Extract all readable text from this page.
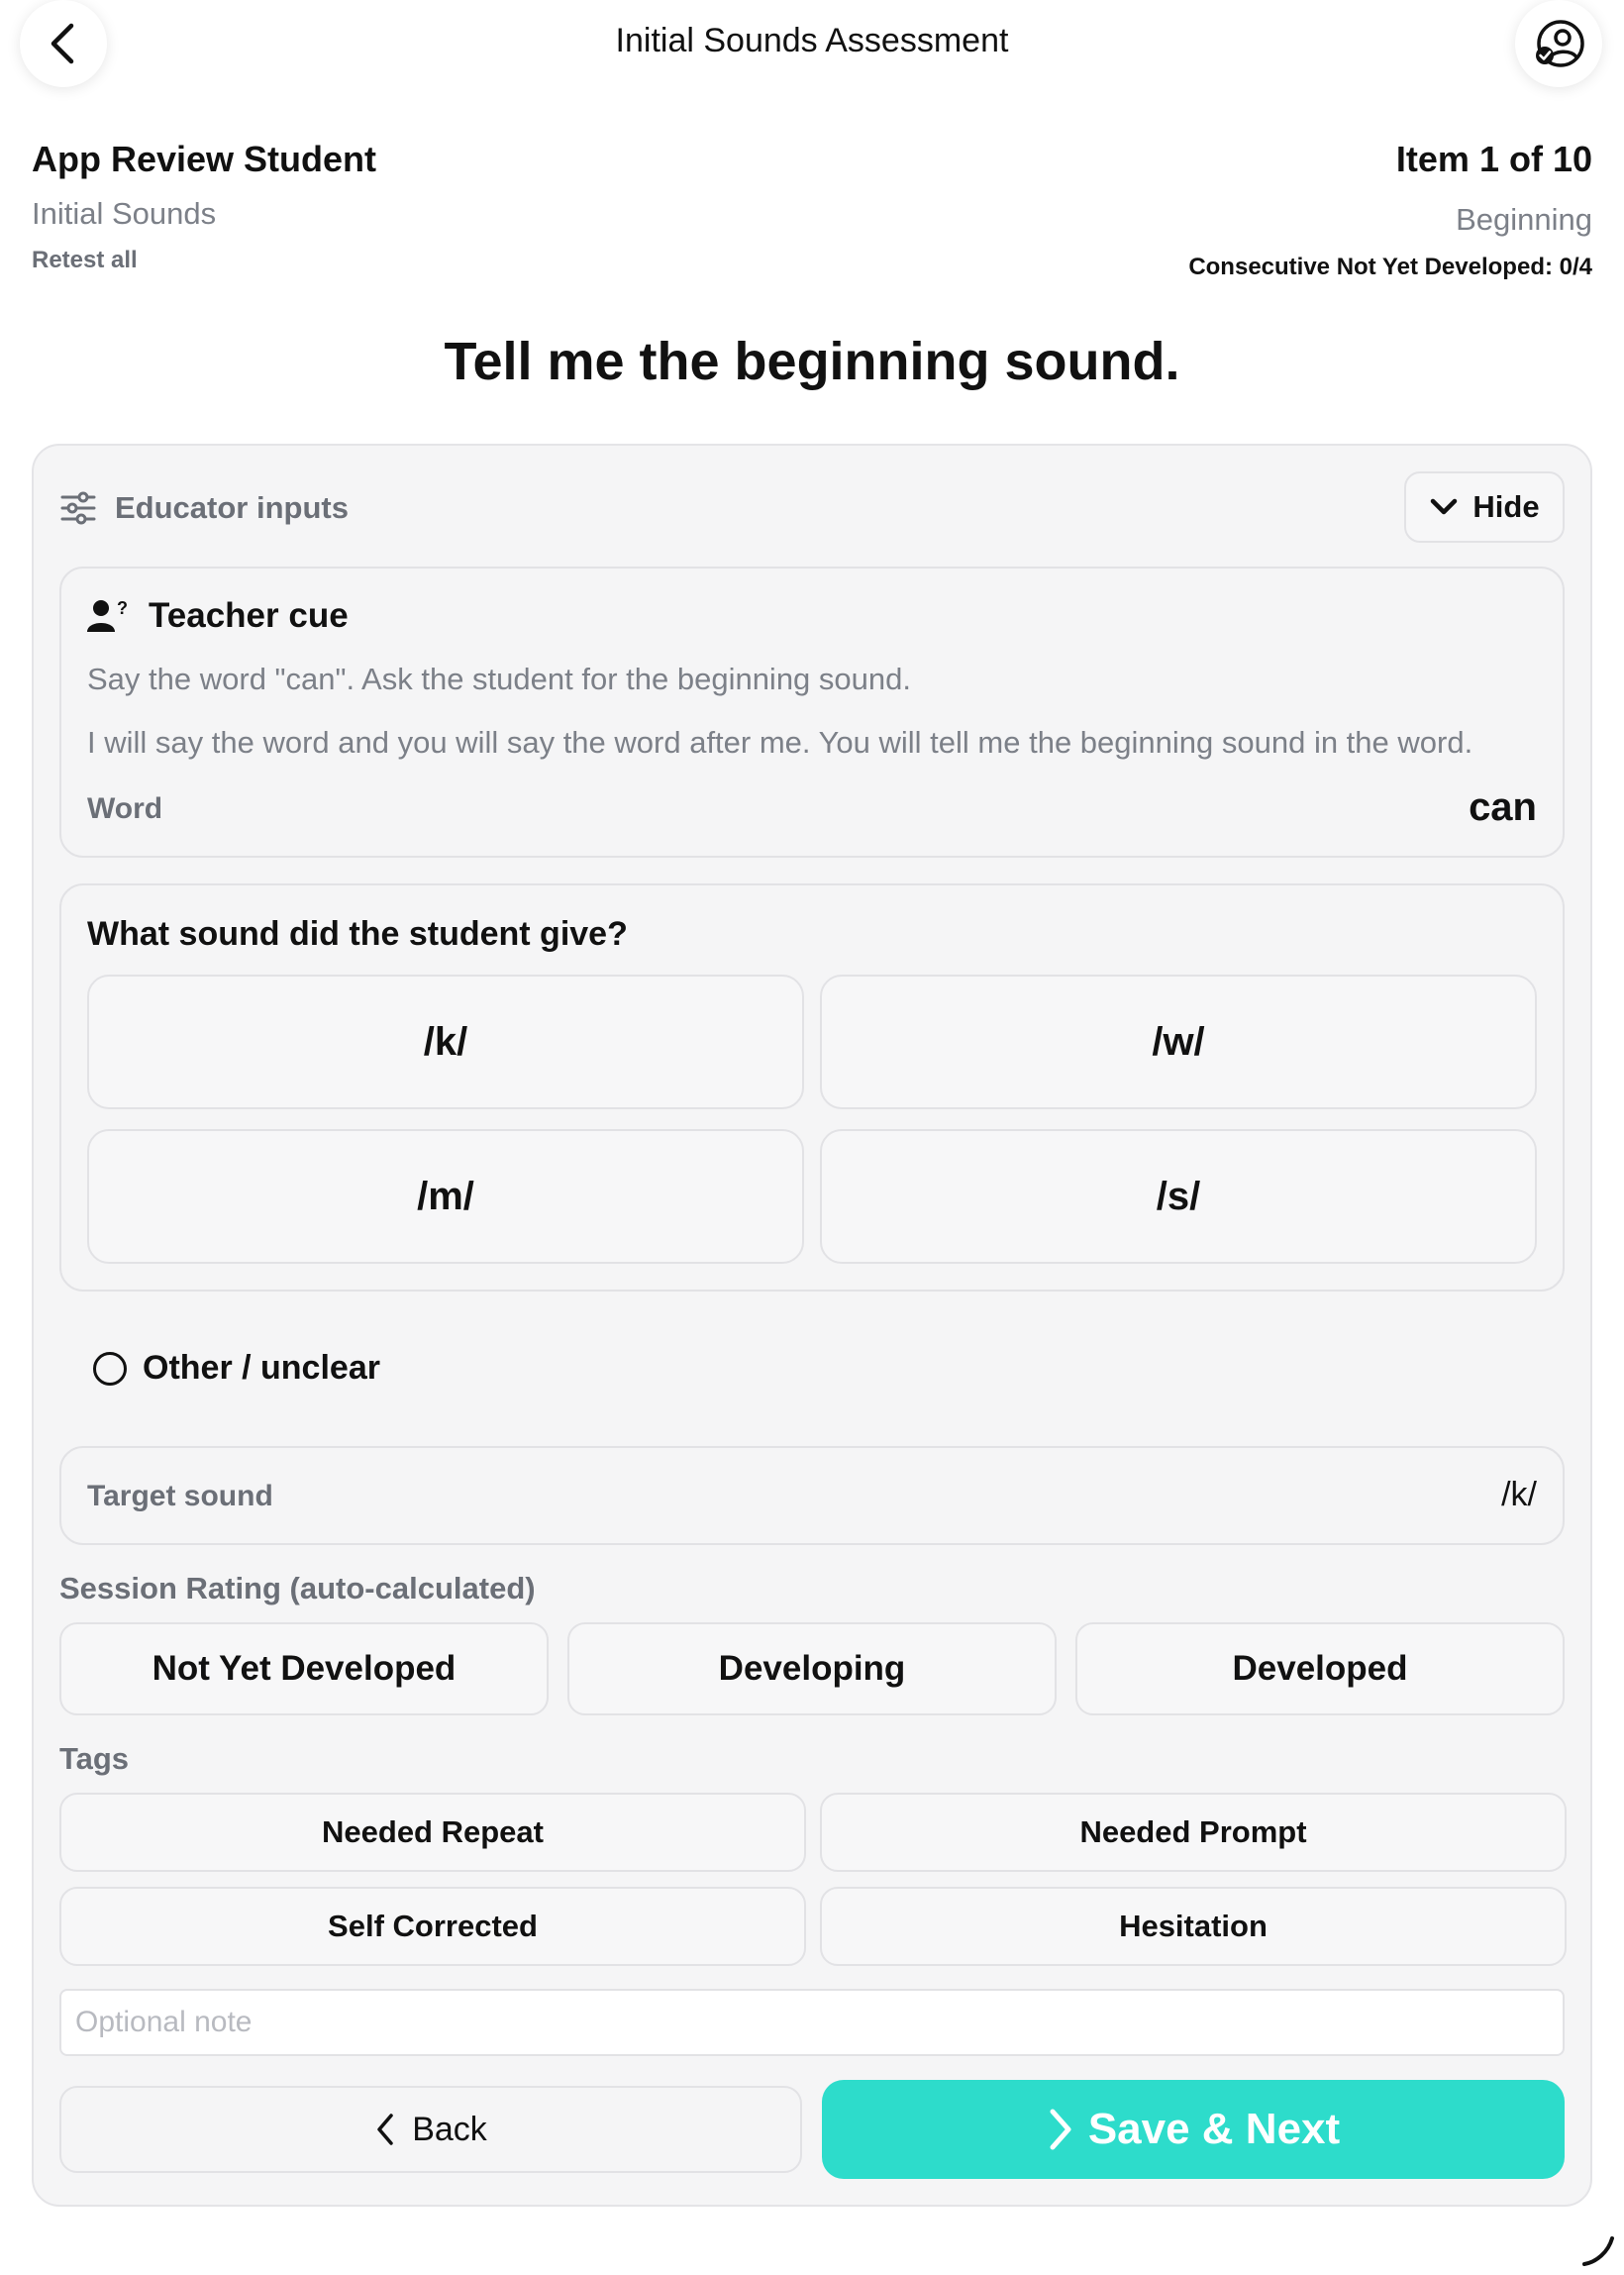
Initial Sounds Assessment
App Review Student
Initial Sounds
Retest all
Item 1 of 10
Beginning
Consecutive Not Yet Developed: 0/4
Tell me the beginning sound.
Educator inputs	Hide
? Teacher cue
Say the word "can". Ask the student for the beginning sound.
I will say the word and you will say the word after me. You will tell me the beginning sound in the word.
Word	can
What sound did the student give?
/k/	/w/
/m/	/s/
Other / unclear
Target sound	/k/
Session Rating (auto-calculated)
Not Yet Developed	Developing	Developed
Tags
Needed Repeat	Needed Prompt
Self Corrected	Hesitation
Optional note
Back	Save & Next
